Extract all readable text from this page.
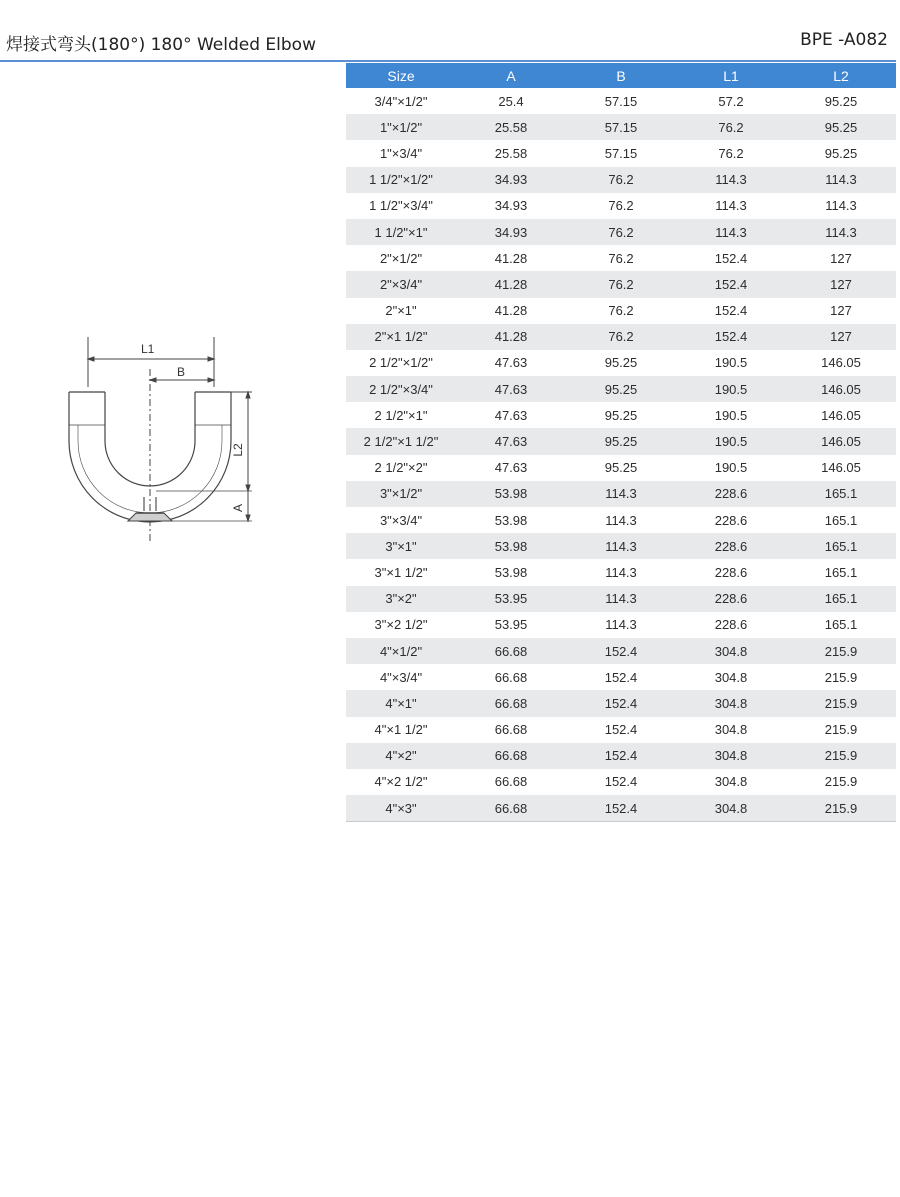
焊接式弯头(180°) 180° Welded Elbow	BPE -A082
L1
B
L2
A
Size	A	B	L1	L2
3/4"×1/2"	25.4	57.15	57.2	95.25
1"×1/2"	25.58	57.15	76.2	95.25
1"×3/4"	25.58	57.15	76.2	95.25
1 1/2"×1/2"	34.93	76.2	114.3	114.3
1 1/2"×3/4"	34.93	76.2	114.3	114.3
1 1/2"×1"	34.93	76.2	114.3	114.3
2"×1/2"	41.28	76.2	152.4	127
2"×3/4"	41.28	76.2	152.4	127
2"×1"	41.28	76.2	152.4	127
2"×1 1/2"	41.28	76.2	152.4	127
2 1/2"×1/2"	47.63	95.25	190.5	146.05
2 1/2"×3/4"	47.63	95.25	190.5	146.05
2 1/2"×1"	47.63	95.25	190.5	146.05
2 1/2"×1 1/2"	47.63	95.25	190.5	146.05
2 1/2"×2"	47.63	95.25	190.5	146.05
3"×1/2"	53.98	114.3	228.6	165.1
3"×3/4"	53.98	114.3	228.6	165.1
3"×1"	53.98	114.3	228.6	165.1
3"×1 1/2"	53.98	114.3	228.6	165.1
3"×2"	53.95	114.3	228.6	165.1
3"×2 1/2"	53.95	114.3	228.6	165.1
4"×1/2"	66.68	152.4	304.8	215.9
4"×3/4"	66.68	152.4	304.8	215.9
4"×1"	66.68	152.4	304.8	215.9
4"×1 1/2"	66.68	152.4	304.8	215.9
4"×2"	66.68	152.4	304.8	215.9
4"×2 1/2"	66.68	152.4	304.8	215.9
4"×3"	66.68	152.4	304.8	215.9
